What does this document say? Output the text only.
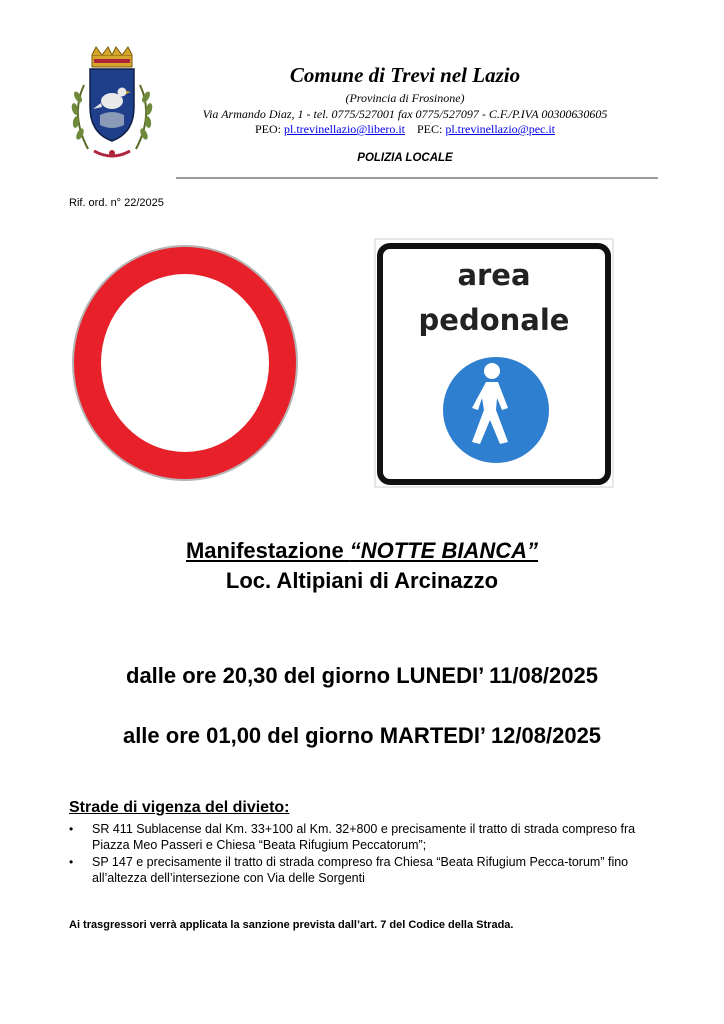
Comune di Trevi nel Lazio
(Provincia di Frosinone)
Via Armando Diaz, 1 - tel. 0775/527001 fax 0775/527097 - C.F./P.IVA 00300630605
PEO: pl.trevinellazio@libero.it PEC: pl.trevinellazio@pec.it
POLIZIA LOCALE
Rif. ord. n° 22/2025
area
pedonale
Manifestazione “NOTTE BIANCA”
Loc. Altipiani di Arcinazzo
dalle ore 20,30 del giorno LUNEDI’ 11/08/2025
alle ore 01,00 del giorno MARTEDI’ 12/08/2025
Strade di vigenza del divieto:
• SR 411 Sublacense dal Km. 33+100 al Km. 32+800 e precisamente il tratto di strada compreso fra Piazza Meo Passeri e Chiesa “Beata Rifugium Peccatorum”;
• SP 147 e precisamente il tratto di strada compreso fra Chiesa “Beata Rifugium Pecca-torum” fino all’altezza dell’intersezione con Via delle Sorgenti
Ai trasgressori verrà applicata la sanzione prevista dall’art. 7 del Codice della Strada.
